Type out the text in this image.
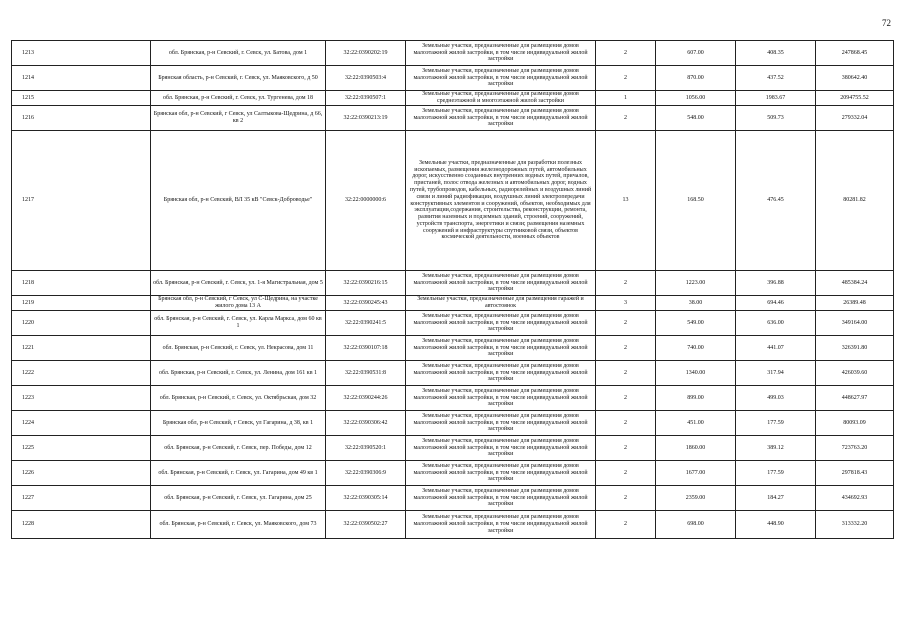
72
1213	обл. Брянская, р-н Севский, г. Севск, ул. Батова, дом 1	32:22:0390202:19	Земельные участки, предназначенные для размещения домов малоэтажной жилой застройки, в том числе индивидуальной жилой застройки	2	607.00	408.35	247868.45
1214	Брянская область, р-н Севский, г. Севск, ул. Маяковского, д 50	32:22:0390503:4	Земельные участки, предназначенные для размещения домов малоэтажной жилой застройки, в том числе индивидуальной жилой застройки	2	870.00	437.52	380642.40
1215	обл. Брянская, р-н Севский, г. Севск, ул. Тургенева, дом 18	32:22:0390507:1	Земельные участки, предназначенные для размещения домов среднеэтажной и многоэтажной жилой застройки	1	1056.00	1983.67	2094755.52
1216	Брянская обл, р-н Севский, г Севск, ул Салтыкова-Щедрина, д 66, кв 2	32:22:0390213:19	Земельные участки, предназначенные для размещения домов малоэтажной жилой застройки, в том числе индивидуальной жилой застройки	2	548.00	509.73	279332.04
1217	Брянская обл, р-н Севский, ВЛ 35 кВ "Севск-Доброводье"	32:22:0000000:6	Земельные участки, предназначенные для разработки полезных ископаемых, размещения железнодорожных путей, автомобильных дорог, искусственно созданных внутренних водных путей, причалов, пристаней, полос отвода железных и автомобильных дорог, водных путей, трубопроводов, кабельных, радиорелейных и воздушных линий связи и линий радиофикации, воздушных линий электропередачи конструктивных элементов и сооружений, объектов, необходимых для эксплуатации,содержания, строительства, реконструкции, ремонта, развития наземных и подземных зданий, строений, сооружений, устройств транспорта, энергетики и связи; размещения наземных сооружений и инфраструктуры спутниковой связи, объектов космической деятельности, военных объектов	13	168.50	476.45	80281.82
1218	обл. Брянская, р-н Севский, г. Севск, ул. 1-я Магистральная, дом 5	32:22:0390216:15	Земельные участки, предназначенные для размещения домов малоэтажной жилой застройки, в том числе индивидуальной жилой застройки	2	1223.00	396.88	485384.24
1219	Брянская обл, р-н Севский, г Севск, ул С-Щедрина, на участке жилого дома 13 А	32:22:0390245:43	Земельные участки, предназначенные для размещения гаражей и автостоянок	3	38.00	694.46	26389.48
1220	обл. Брянская, р-н Севский, г. Севск, ул. Карла Маркса, дом 60 кв 1	32:22:0390241:5	Земельные участки, предназначенные для размещения домов малоэтажной жилой застройки, в том числе индивидуальной жилой застройки	2	549.00	636.00	349164.00
1221	обл. Брянская, р-н Севский, г. Севск, ул. Некрасова, дом 11	32:22:0390107:18	Земельные участки, предназначенные для размещения домов малоэтажной жилой застройки, в том числе индивидуальной жилой застройки	2	740.00	441.07	326391.80
1222	обл. Брянская, р-н Севский, г. Севск, ул. Ленина, дом 161 кв 1	32:22:0390531:8	Земельные участки, предназначенные для размещения домов малоэтажной жилой застройки, в том числе индивидуальной жилой застройки	2	1340.00	317.94	426039.60
1223	обл. Брянская, р-н Севский, г. Севск, ул. Октябрьская, дом 32	32:22:0390244:26	Земельные участки, предназначенные для размещения домов малоэтажной жилой застройки, в том числе индивидуальной жилой застройки	2	899.00	499.03	448627.97
1224	Брянская обл, р-н Севский, г Севск, ул Гагарина, д 38, кв 1	32:22:0390306:42	Земельные участки, предназначенные для размещения домов малоэтажной жилой застройки, в том числе индивидуальной жилой застройки	2	451.00	177.59	80093.09
1225	обл. Брянская, р-н Севский, г. Севск, пер. Победы, дом 12	32:22:0390520:1	Земельные участки, предназначенные для размещения домов малоэтажной жилой застройки, в том числе индивидуальной жилой застройки	2	1860.00	389.12	723763.20
1226	обл. Брянская, р-н Севский, г. Севск, ул. Гагарина, дом 49 кв 1	32:22:0390306:9	Земельные участки, предназначенные для размещения домов малоэтажной жилой застройки, в том числе индивидуальной жилой застройки	2	1677.00	177.59	297818.43
1227	обл. Брянская, р-н Севский, г. Севск, ул. Гагарина, дом 25	32:22:0390305:14	Земельные участки, предназначенные для размещения домов малоэтажной жилой застройки, в том числе индивидуальной жилой застройки	2	2359.00	184.27	434692.93
1228	обл. Брянская, р-н Севский, г. Севск, ул. Маяковского, дом 73	32:22:0390502:27	Земельные участки, предназначенные для размещения домов малоэтажной жилой застройки, в том числе индивидуальной жилой застройки	2	698.00	448.90	313332.20
